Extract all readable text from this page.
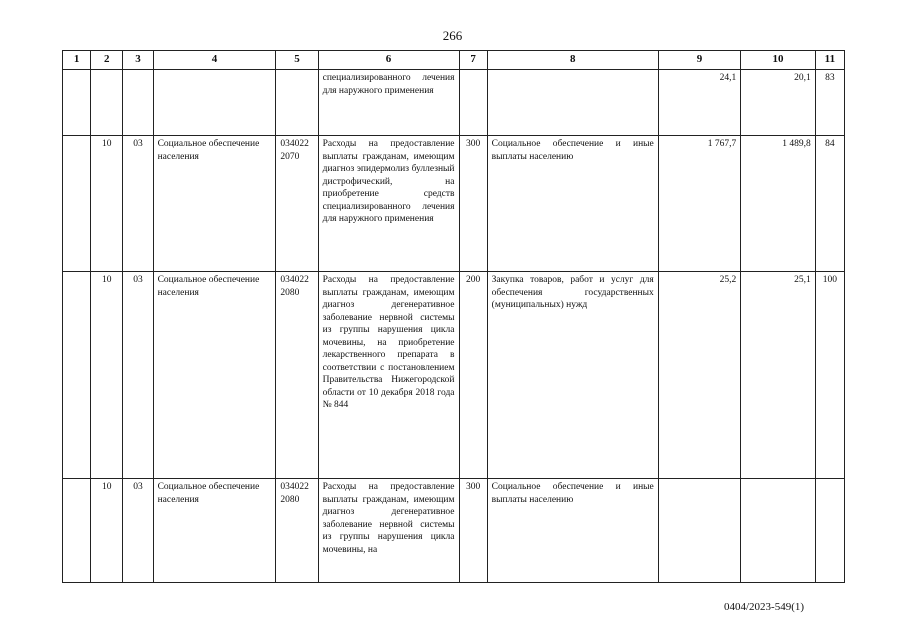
266
1	2	3	4	5	6	7	8	9	10	11
					специализированного лечения для наружного применения			24,1	20,1	83
	10	03	Социальное обеспечение населения	034022 2070	Расходы на предоставление выплаты гражданам, имеющим диагноз эпидермолиз буллезный дистрофический, на приобретение средств специализированного лечения для наружного применения	300	Социальное обеспечение и иные выплаты населению	1 767,7	1 489,8	84
	10	03	Социальное обеспечение населения	034022 2080	Расходы на предоставление выплаты гражданам, имеющим диагноз дегенеративное заболевание нервной системы из группы нарушения цикла мочевины, на приобретение лекарственного препарата в соответствии с постановлением Правительства Нижегородской области от 10 декабря 2018 года № 844	200	Закупка товаров, работ и услуг для обеспечения государственных (муниципальных) нужд	25,2	25,1	100
	10	03	Социальное обеспечение населения	034022 2080	Расходы на предоставление выплаты гражданам, имеющим диагноз дегенеративное заболевание нервной системы из группы нарушения цикла мочевины, на	300	Социальное обеспечение и иные выплаты населению			
0404/2023-549(1)
